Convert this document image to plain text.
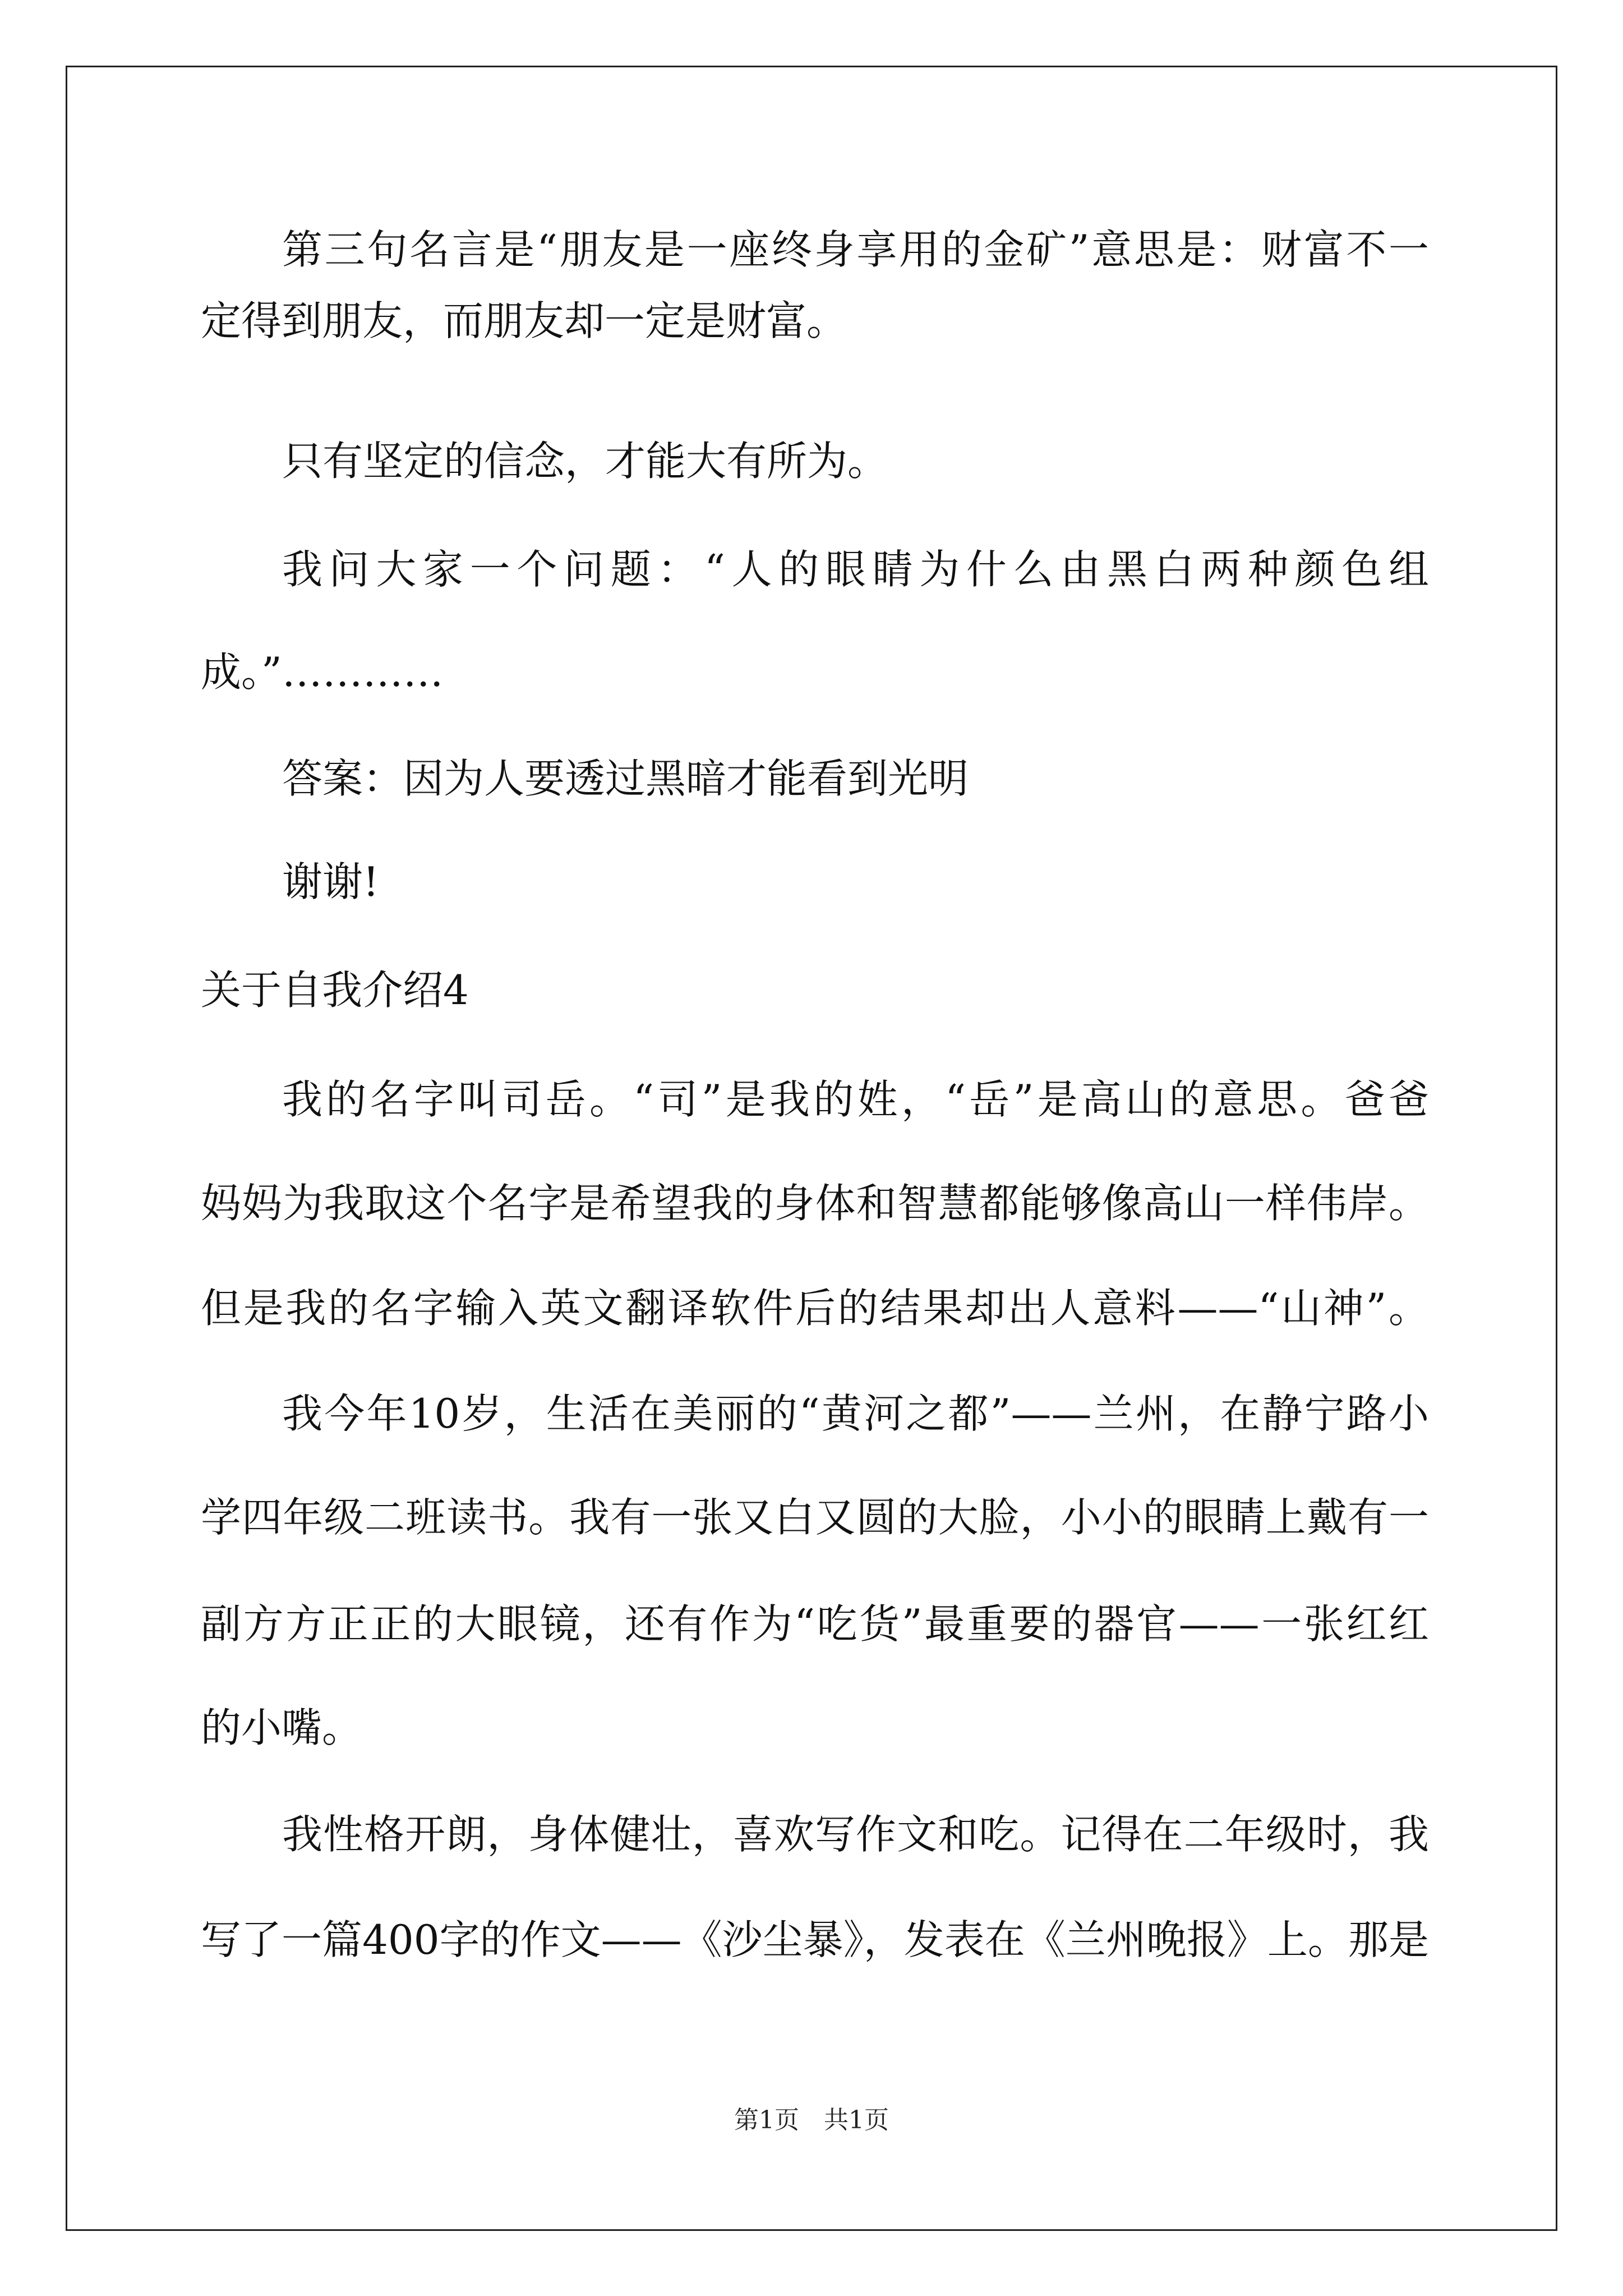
第三句名言是“朋友是一座终身享用的金矿”意思是：财富不一
定得到朋友，而朋友却一定是财富。
只有坚定的信念，才能大有所为。
我问大家一个问题：“人的眼睛为什么由黑白两种颜色组
成。”…………
答案：因为人要透过黑暗才能看到光明
谢谢!
关于自我介绍4
我的名字叫司岳。“司”是我的姓，“岳”是高山的意思。爸爸
妈妈为我取这个名字是希望我的身体和智慧都能够像高山一样伟岸。
但是我的名字输入英文翻译软件后的结果却出人意料——“山神”。
我今年10岁，生活在美丽的“黄河之都”——兰州，在静宁路小
学四年级二班读书。我有一张又白又圆的大脸，小小的眼睛上戴有一
副方方正正的大眼镜，还有作为“吃货”最重要的器官——一张红红
的小嘴。
我性格开朗，身体健壮，喜欢写作文和吃。记得在二年级时，我
写了一篇400字的作文——《沙尘暴》，发表在《兰州晚报》上。那是
第1页　共1页
